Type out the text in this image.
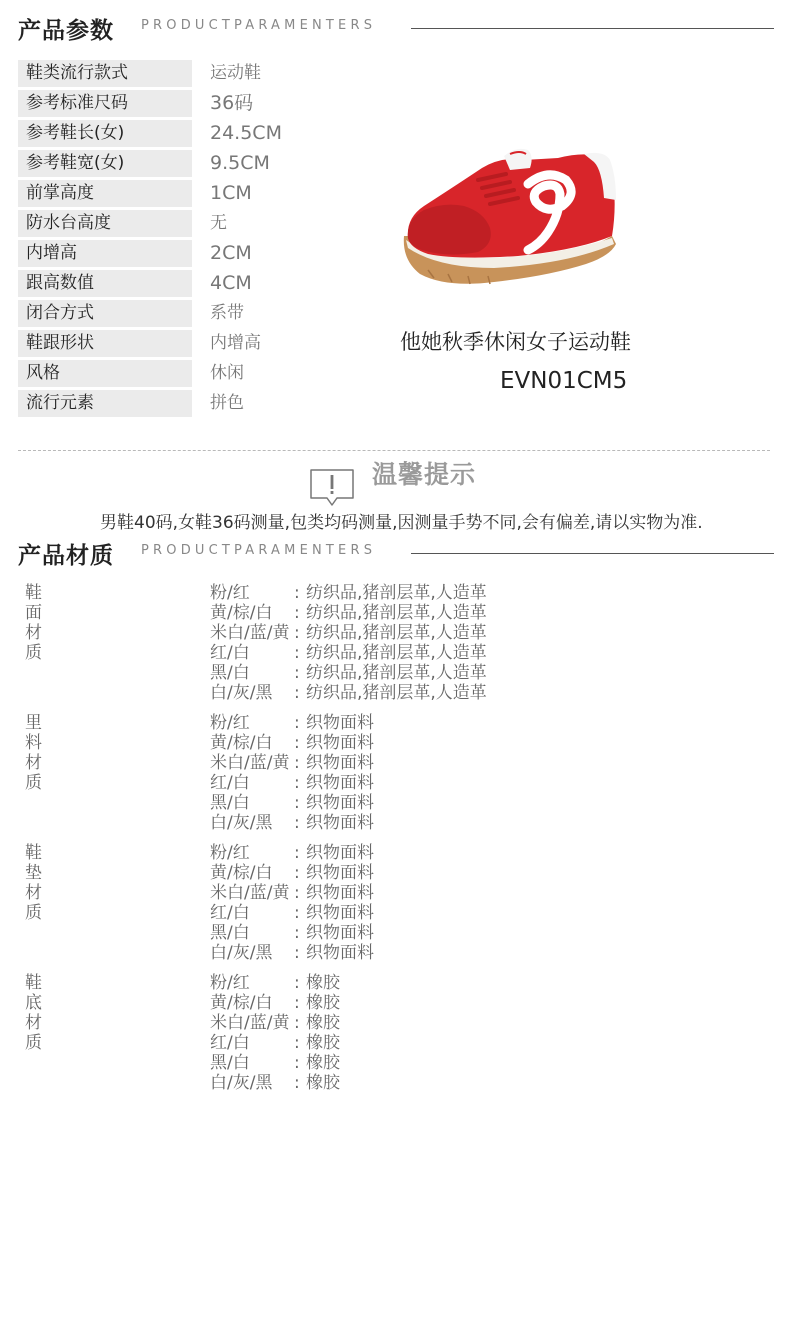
产品参数 PRODUCTPARAMENTERS
鞋类流行款式	运动鞋
参考标准尺码	36码
参考鞋长(女)	24.5CM
参考鞋宽(女)	9.5CM
前掌高度	1CM
防水台高度	无
内增高	2CM
跟高数值	4CM
闭合方式	系带
鞋跟形状	内增高
风格	休闲
流行元素	拼色
他她秋季休闲女子运动鞋
EVN01CM5
温馨提示
男鞋40码,女鞋36码测量,包类均码测量,因测量手势不同,会有偏差,请以实物为准.
产品材质 PRODUCTPARAMENTERS
鞋面材质
粉/红	: 纺织品,猪剖层革,人造革
黄/棕/白 : 纺织品,猪剖层革,人造革
米白/蓝/黄 : 纺织品,猪剖层革,人造革
红/白	: 纺织品,猪剖层革,人造革
黑/白	: 纺织品,猪剖层革,人造革
白/灰/黑 : 纺织品,猪剖层革,人造革
里料材质
粉/红	: 织物面料
黄/棕/白 : 织物面料
米白/蓝/黄 : 织物面料
红/白	: 织物面料
黑/白	: 织物面料
白/灰/黑 : 织物面料
鞋垫材质
粉/红	: 织物面料
黄/棕/白 : 织物面料
米白/蓝/黄 : 织物面料
红/白	: 织物面料
黑/白	: 织物面料
白/灰/黑 : 织物面料
鞋底材质
粉/红	: 橡胶
黄/棕/白 : 橡胶
米白/蓝/黄 : 橡胶
红/白	: 橡胶
黑/白	: 橡胶
白/灰/黑 : 橡胶
